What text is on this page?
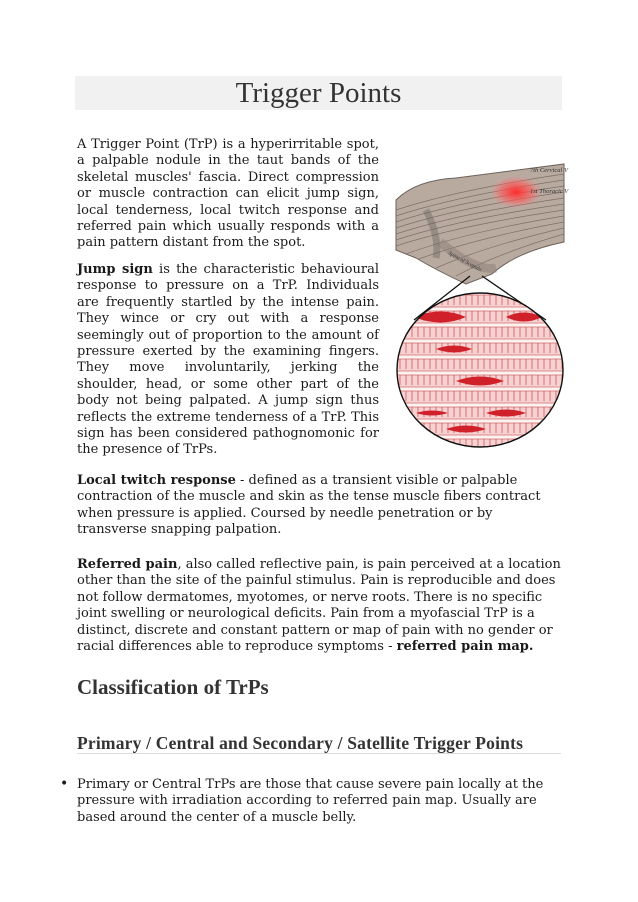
Trigger Points

A Trigger Point (TrP) is a hyperirritable spot, a palpable nodule in the taut bands of the skeletal muscles' fascia. Direct compression or muscle contraction can elicit jump sign, local tenderness, local twitch response and referred pain which usually responds with a pain pattern distant from the spot.

Jump sign is the characteristic behavioural response to pressure on a TrP. Individuals are frequently startled by the intense pain. They wince or cry out with a response seemingly out of proportion to the amount of pressure exerted by the examining fingers. They move involuntarily, jerking the shoulder, head, or some other part of the body not being palpated. A jump sign thus reflects the extreme tenderness of a TrP. This sign has been considered pathognomonic for the presence of TrPs.

Local twitch response - defined as a transient visible or palpable contraction of the muscle and skin as the tense muscle fibers contract when pressure is applied. Coursed by needle penetration or by transverse snapping palpation.

Referred pain, also called reflective pain, is pain perceived at a location other than the site of the painful stimulus. Pain is reproducible and does not follow dermatomes, myotomes, or nerve roots. There is no specific joint swelling or neurological deficits. Pain from a myofascial TrP is a distinct, discrete and constant pattern or map of pain with no gender or racial differences able to reproduce symptoms - referred pain map.

Classification of TrPs
Primary / Central and Secondary / Satellite Trigger Points
• Primary or Central TrPs are those that cause severe pain locally at the pressure with irradiation according to referred pain map. Usually are based around the center of a muscle belly.

7th Cervical V
1st Thoracic V
Spine of Scapula
